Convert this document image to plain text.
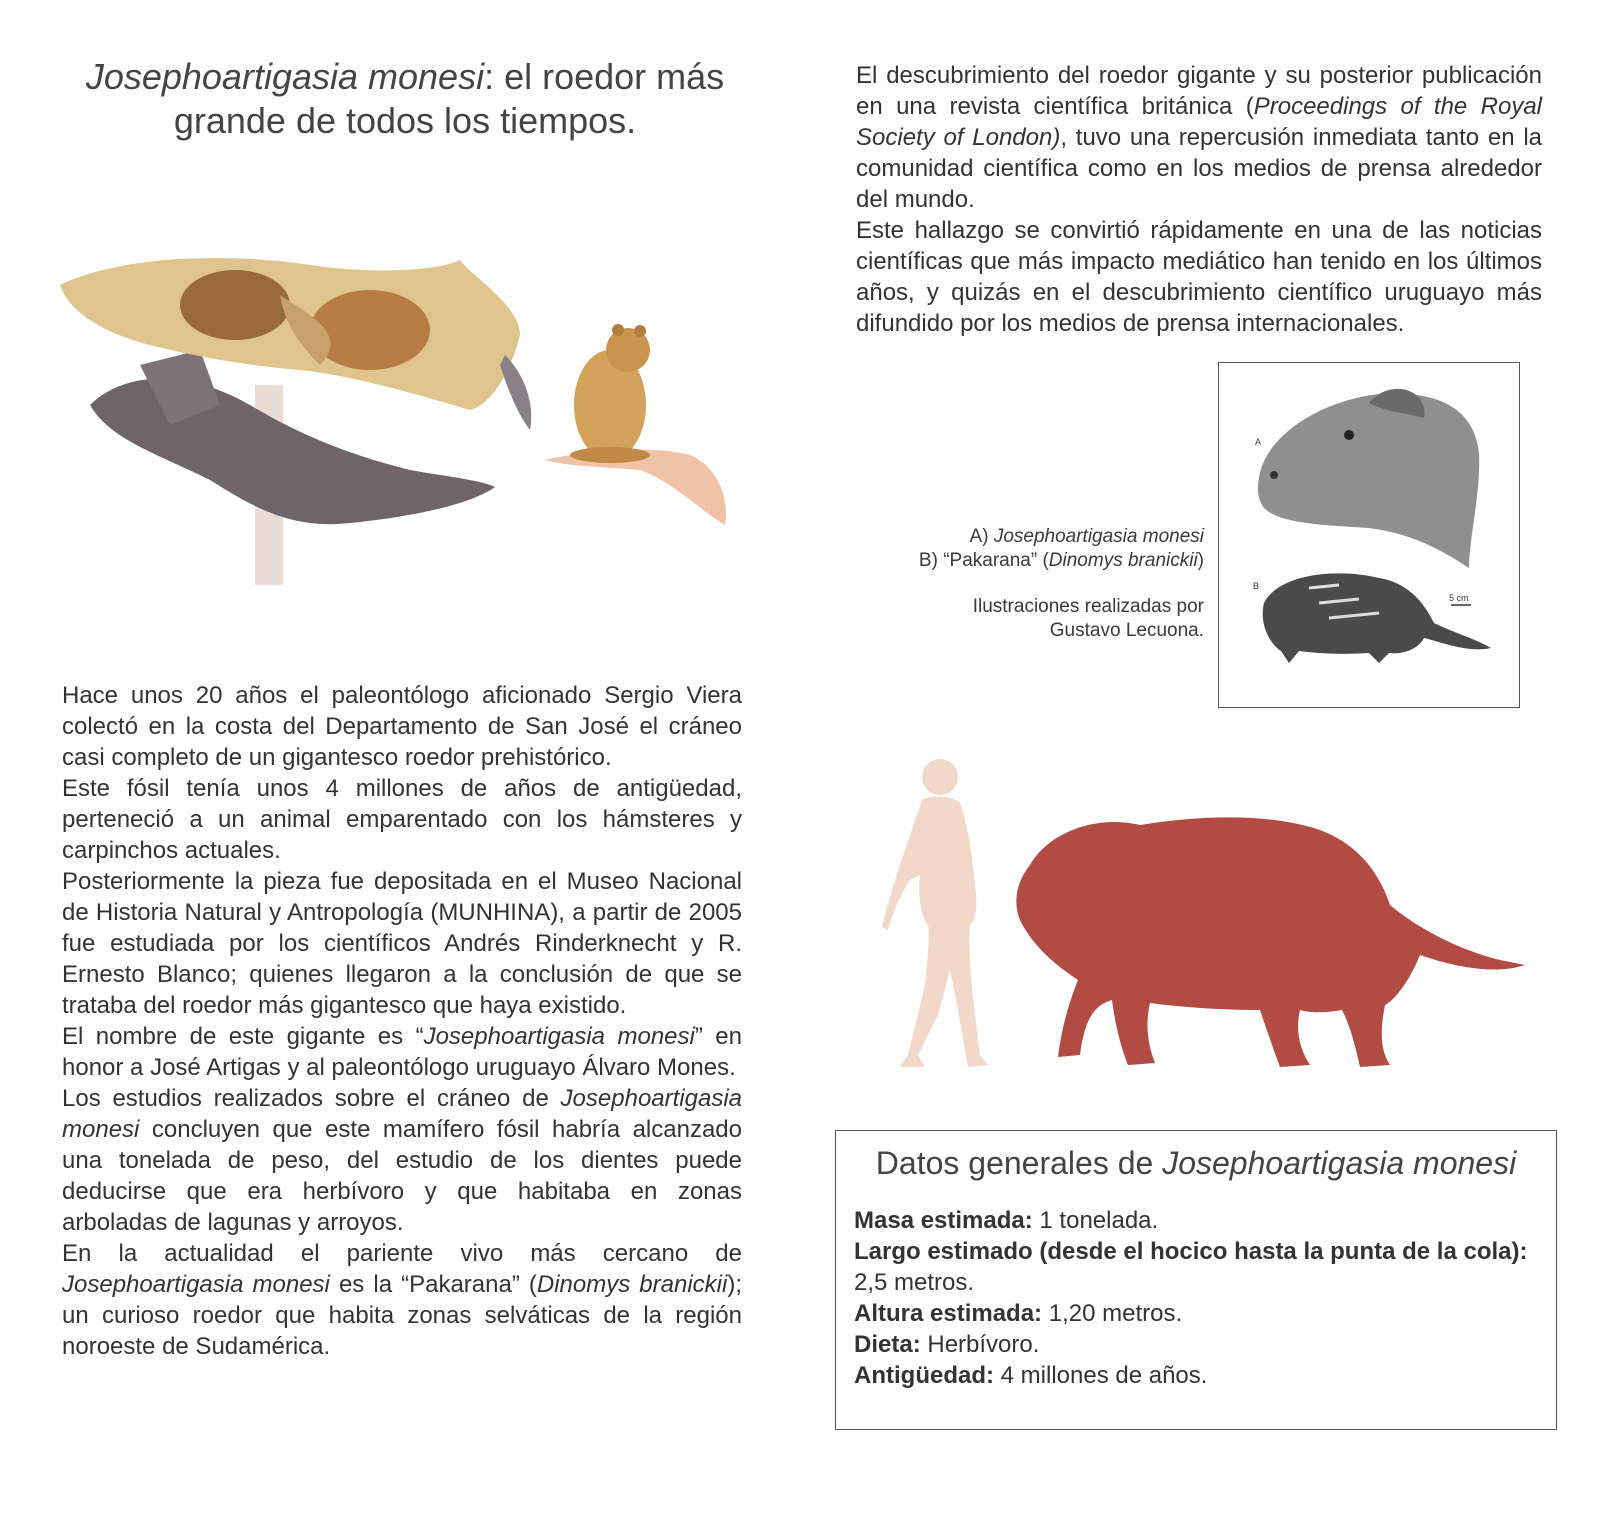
Josephoartigasia monesi: el roedor más
grande de todos los tiempos.

Hace unos 20 años el paleontólogo aficionado Sergio Viera colectó en la costa del Departamento de San José el cráneo casi completo de un gigantesco roedor prehistórico.

Este fósil tenía unos 4 millones de años de antigüedad, perteneció a un animal emparentado con los hámsteres y carpinchos actuales.

Posteriormente la pieza fue depositada en el Museo Nacional de Historia Natural y Antropología (MUNHINA), a partir de 2005 fue estudiada por los científicos Andrés Rinderknecht y R. Ernesto Blanco; quienes llegaron a la conclusión de que se trataba del roedor más gigantesco que haya existido.

El nombre de este gigante es “Josephoartigasia monesi” en honor a José Artigas y al paleontólogo uruguayo Álvaro Mones.

Los estudios realizados sobre el cráneo de Josephoartigasia monesi concluyen que este mamífero fósil habría alcanzado una tonelada de peso, del estudio de los dientes puede deducirse que era herbívoro y que habitaba en zonas arboladas de lagunas y arroyos.

En la actualidad el pariente vivo más cercano de Josephoartigasia monesi es la “Pakarana” (Dinomys branickii); un curioso roedor que habita zonas selváticas de la región noroeste de Sudamérica.

El descubrimiento del roedor gigante y su posterior publicación en una revista científica británica (Proceedings of the Royal Society of London), tuvo una repercusión inmediata tanto en la comunidad científica como en los medios de prensa alrededor del mundo.

Este hallazgo se convirtió rápidamente en una de las noticias científicas que más impacto mediático han tenido en los últimos años, y quizás en el descubrimiento científico uruguayo más difundido por los medios de prensa internacionales.

A
B
5 cm
A) Josephoartigasia monesi
B) “Pakarana” (Dinomys branickii)
Ilustraciones realizadas por
Gustavo Lecuona.
Datos generales de Josephoartigasia monesi
Masa estimada: 1 tonelada.
Largo estimado (desde el hocico hasta la punta de la cola): 2,5 metros.
Altura estimada: 1,20 metros.
Dieta: Herbívoro.
Antigüedad: 4 millones de años.
